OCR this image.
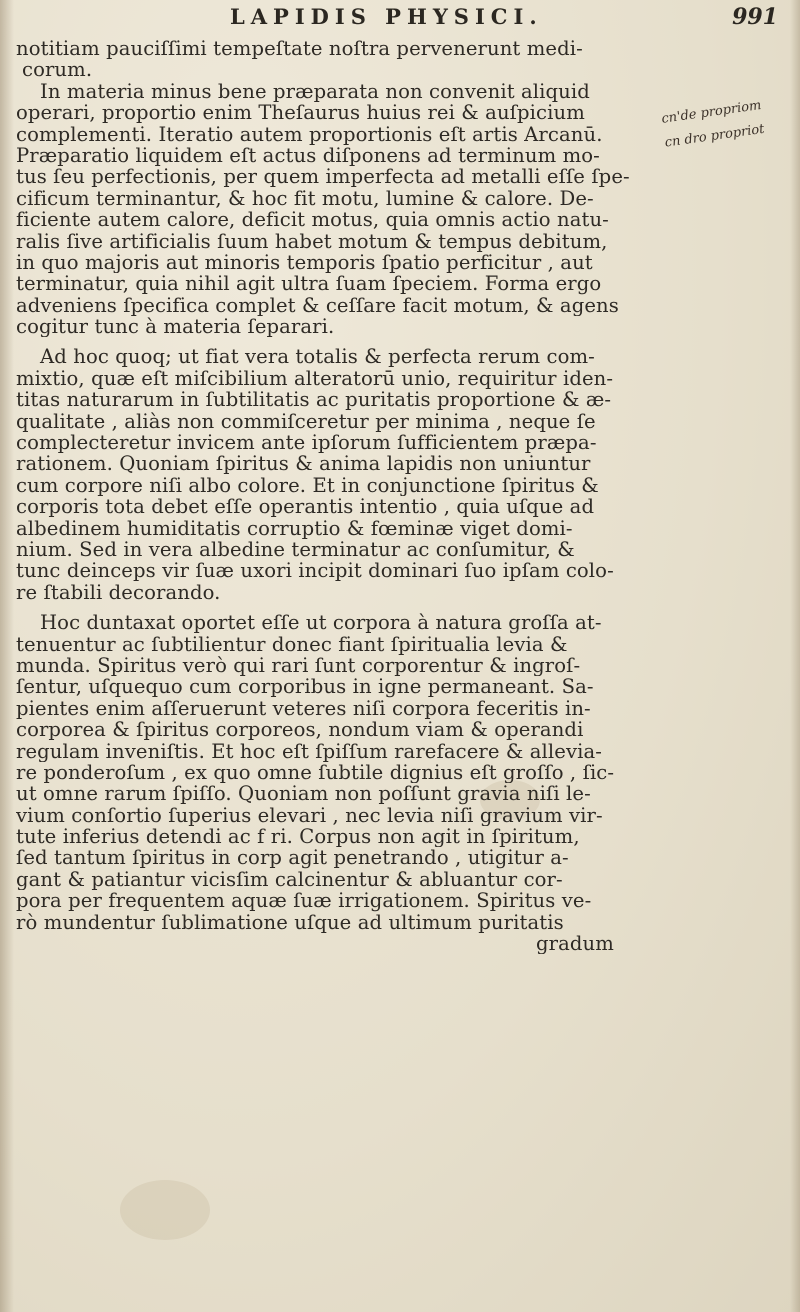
LAPIDIS PHYSICI.	991
cn'de propriom
cn dro propriot
notitiam pauciſſimi tempeſtate noſtra pervenerunt medi-
corum.
In materia minus bene præparata non convenit aliquid
operari, proportio enim Theſaurus huius rei & auſpicium
complementi. Iteratio autem proportionis eſt artis Arcanū.
Præparatio liquidem eſt actus diſponens ad terminum mo-
tus ſeu perfectionis, per quem imperfecta ad metalli eſſe ſpe-
cificum terminantur, & hoc fit motu, lumine & calore. De-
ficiente autem calore, deficit motus, quia omnis actio natu-
ralis ſive artificialis ſuum habet motum & tempus debitum,
in quo majoris aut minoris temporis ſpatio perficitur , aut
terminatur, quia nihil agit ultra ſuam ſpeciem. Forma ergo
adveniens ſpecifica complet & ceſſare facit motum, & agens
cogitur tunc à materia ſeparari.
Ad hoc quoq; ut fiat vera totalis & perfecta rerum com-
mixtio, quæ eſt miſcibilium alteratorū unio, requiritur iden-
titas naturarum in ſubtilitatis ac puritatis proportione & æ-
qualitate , aliàs non commiſceretur per minima , neque ſe
complecteretur invicem ante ipſorum ſufficientem præpa-
rationem. Quoniam ſpiritus & anima lapidis non uniuntur
cum corpore niſi albo colore. Et in conjunctione ſpiritus &
corporis tota debet eſſe operantis intentio , quia uſque ad
albedinem humiditatis corruptio & fœminæ viget domi-
nium. Sed in vera albedine terminatur ac conſumitur, &
tunc deinceps vir ſuæ uxori incipit dominari ſuo ipſam colo-
re ſtabili decorando.
Hoc duntaxat oportet eſſe ut corpora à natura groſſa at-
tenuentur ac ſubtilientur donec fiant ſpiritualia levia &
munda. Spiritus verò qui rari ſunt corporentur & ingroſ-
ſentur, uſquequo cum corporibus in igne permaneant. Sa-
pientes enim aſſeruerunt veteres niſi corpora feceritis in-
corporea & ſpiritus corporeos, nondum viam & operandi
regulam inveniſtis. Et hoc eſt ſpiſſum rarefacere & allevia-
re ponderoſum , ex quo omne ſubtile dignius eſt groſſo , ſic-
ut omne rarum ſpiſſo. Quoniam non poſſunt gravia niſi le-
vium conſortio ſuperius elevari , nec levia niſi gravium vir-
tute inferius detendi ac f ri. Corpus non agit in ſpiritum,
ſed tantum ſpiritus in corp agit penetrando , utigitur a-
gant & patiantur vicisſim calcinentur & abluantur cor-
pora per frequentem aquæ ſuæ irrigationem. Spiritus ve-
rò mundentur ſublimatione uſque ad ultimum puritatis
gradum
